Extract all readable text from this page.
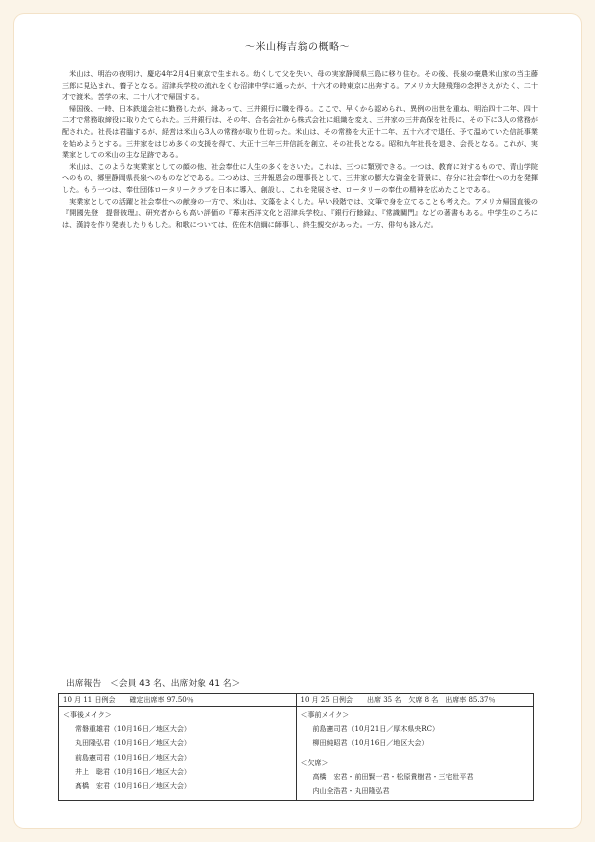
〜米山梅吉翁の概略〜

米山は、明治の夜明け、慶応4年2月4日東京で生まれる。幼くして父を失い、母の実家静岡県三島に移り住む。その後、長泉の豪農米山家の当主藤三郎に見込まれ、養子となる。沼津兵学校の流れをくむ沼津中学に通ったが、十六才の時東京に出奔する。アメリカ大陸飛翔の念押さえがたく、二十才で渡米。苦学の末、二十八才で帰国する。

帰国後、一時、日本鉄道会社に勤務したが、縁あって、三井銀行に職を得る。ここで、早くから認められ、異例の出世を重ね、明治四十二年、四十二才で常務取締役に取りたてられた。三井銀行は、その年、合名会社から株式会社に組織を変え、三井家の三井高保を社長に、その下に3人の常務が配された。社長は君臨するが、経営は米山ら3人の常務が取り仕切った。米山は、その常務を大正十二年、五十六才で退任、予て温めていた信託事業を始めようとする。三井家をはじめ多くの支援を得て、大正十三年三井信託を創立、その社長となる。昭和九年社長を退き、会長となる。これが、実業家としての米山の主な足跡である。

米山は、このような実業家としての顔の他、社会奉仕に人生の多くをさいた。これは、三つに類別できる。一つは、教育に対するもので、青山学院へのもの、郷里静岡県長泉へのものなどである。二つめは、三井報恩会の理事長として、三井家の膨大な資金を背景に、存分に社会奉仕への力を発揮した。もう一つは、奉仕団体ロータリークラブを日本に導入、創設し、これを発展させ、ロータリーの奉仕の精神を広めたことである。

実業家としての活躍と社会奉仕への献身の一方で、米山は、文藻をよくした。早い段階では、文筆で身を立てることも考えた。アメリカ帰国直後の『開國先登　提督彼理』、研究者からも高い評価の『幕末西洋文化と沼津兵学校』、『銀行行餘録』、『常識關門』などの著書もある。中学生のころには、漢詩を作り発表したりもした。和歌については、佐佐木信綱に師事し、終生親交があった。一方、俳句も詠んだ。

出席報告　＜会員 43 名、出席対象 41 名＞
10 月 11 日例会　　確定出席率 97.50％
＜事後メイク＞
常磐重雄君（10月16日／地区大会）
丸田隆弘君（10月16日／地区大会）
前島憲司君（10月16日／地区大会）
井上　聡君（10月16日／地区大会）
髙橋　宏君（10月16日／地区大会）
10 月 25 日例会　　出席 35 名　欠席 8 名　出席率 85.37％
＜事前メイク＞
前島憲司君（10月21日／厚木県央RC）
柳田純昭君（10月16日／地区大会）
＜欠席＞
高橋　宏君・前田賢一君・松原貴樹君・三宅壯平君
内山全浩君・丸田隆弘君
